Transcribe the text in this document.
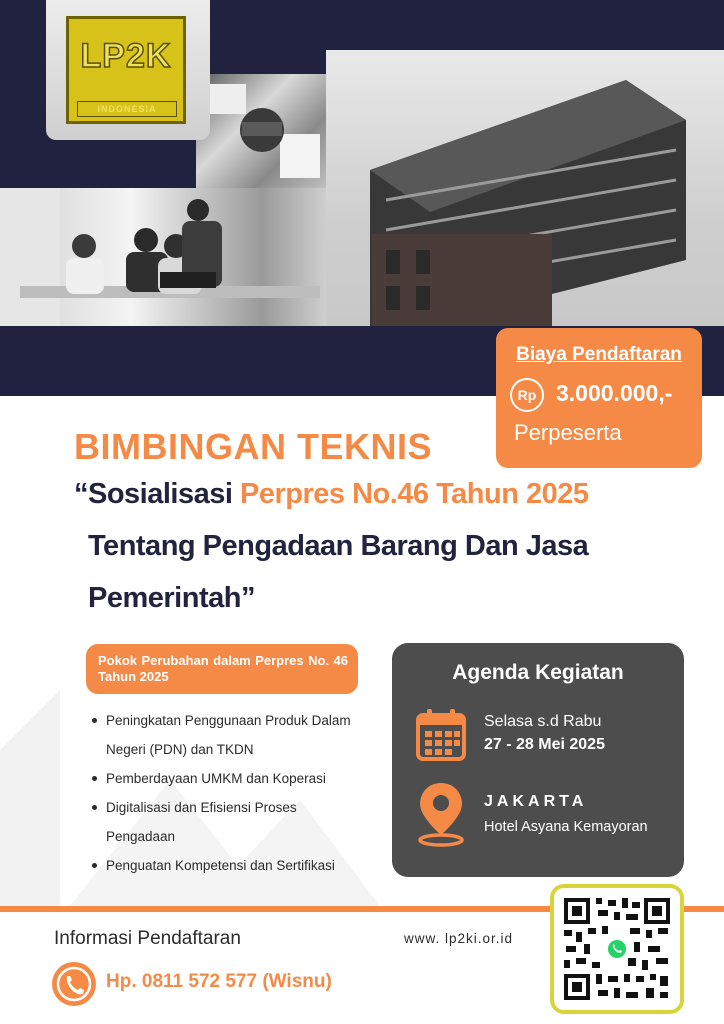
LP2K
INDONESIA
Biaya Pendaftaran
Rp 3.000.000,-
Perpeserta
BIMBINGAN TEKNIS
“Sosialisasi Perpres No.46 Tahun 2025
Tentang Pengadaan Barang Dan Jasa
Pemerintah”
Pokok Perubahan dalam Perpres No. 46 Tahun 2025
Peningkatan Penggunaan Produk Dalam Negeri (PDN) dan TKDN
Pemberdayaan UMKM dan Koperasi
Digitalisasi dan Efisiensi Proses Pengadaan
Penguatan Kompetensi dan Sertifikasi
Agenda Kegiatan
Selasa s.d Rabu
27 - 28 Mei 2025
JAKARTA
Hotel Asyana Kemayoran
Informasi Pendaftaran	www. lp2ki.or.id
Hp. 0811 572 577 (Wisnu)
